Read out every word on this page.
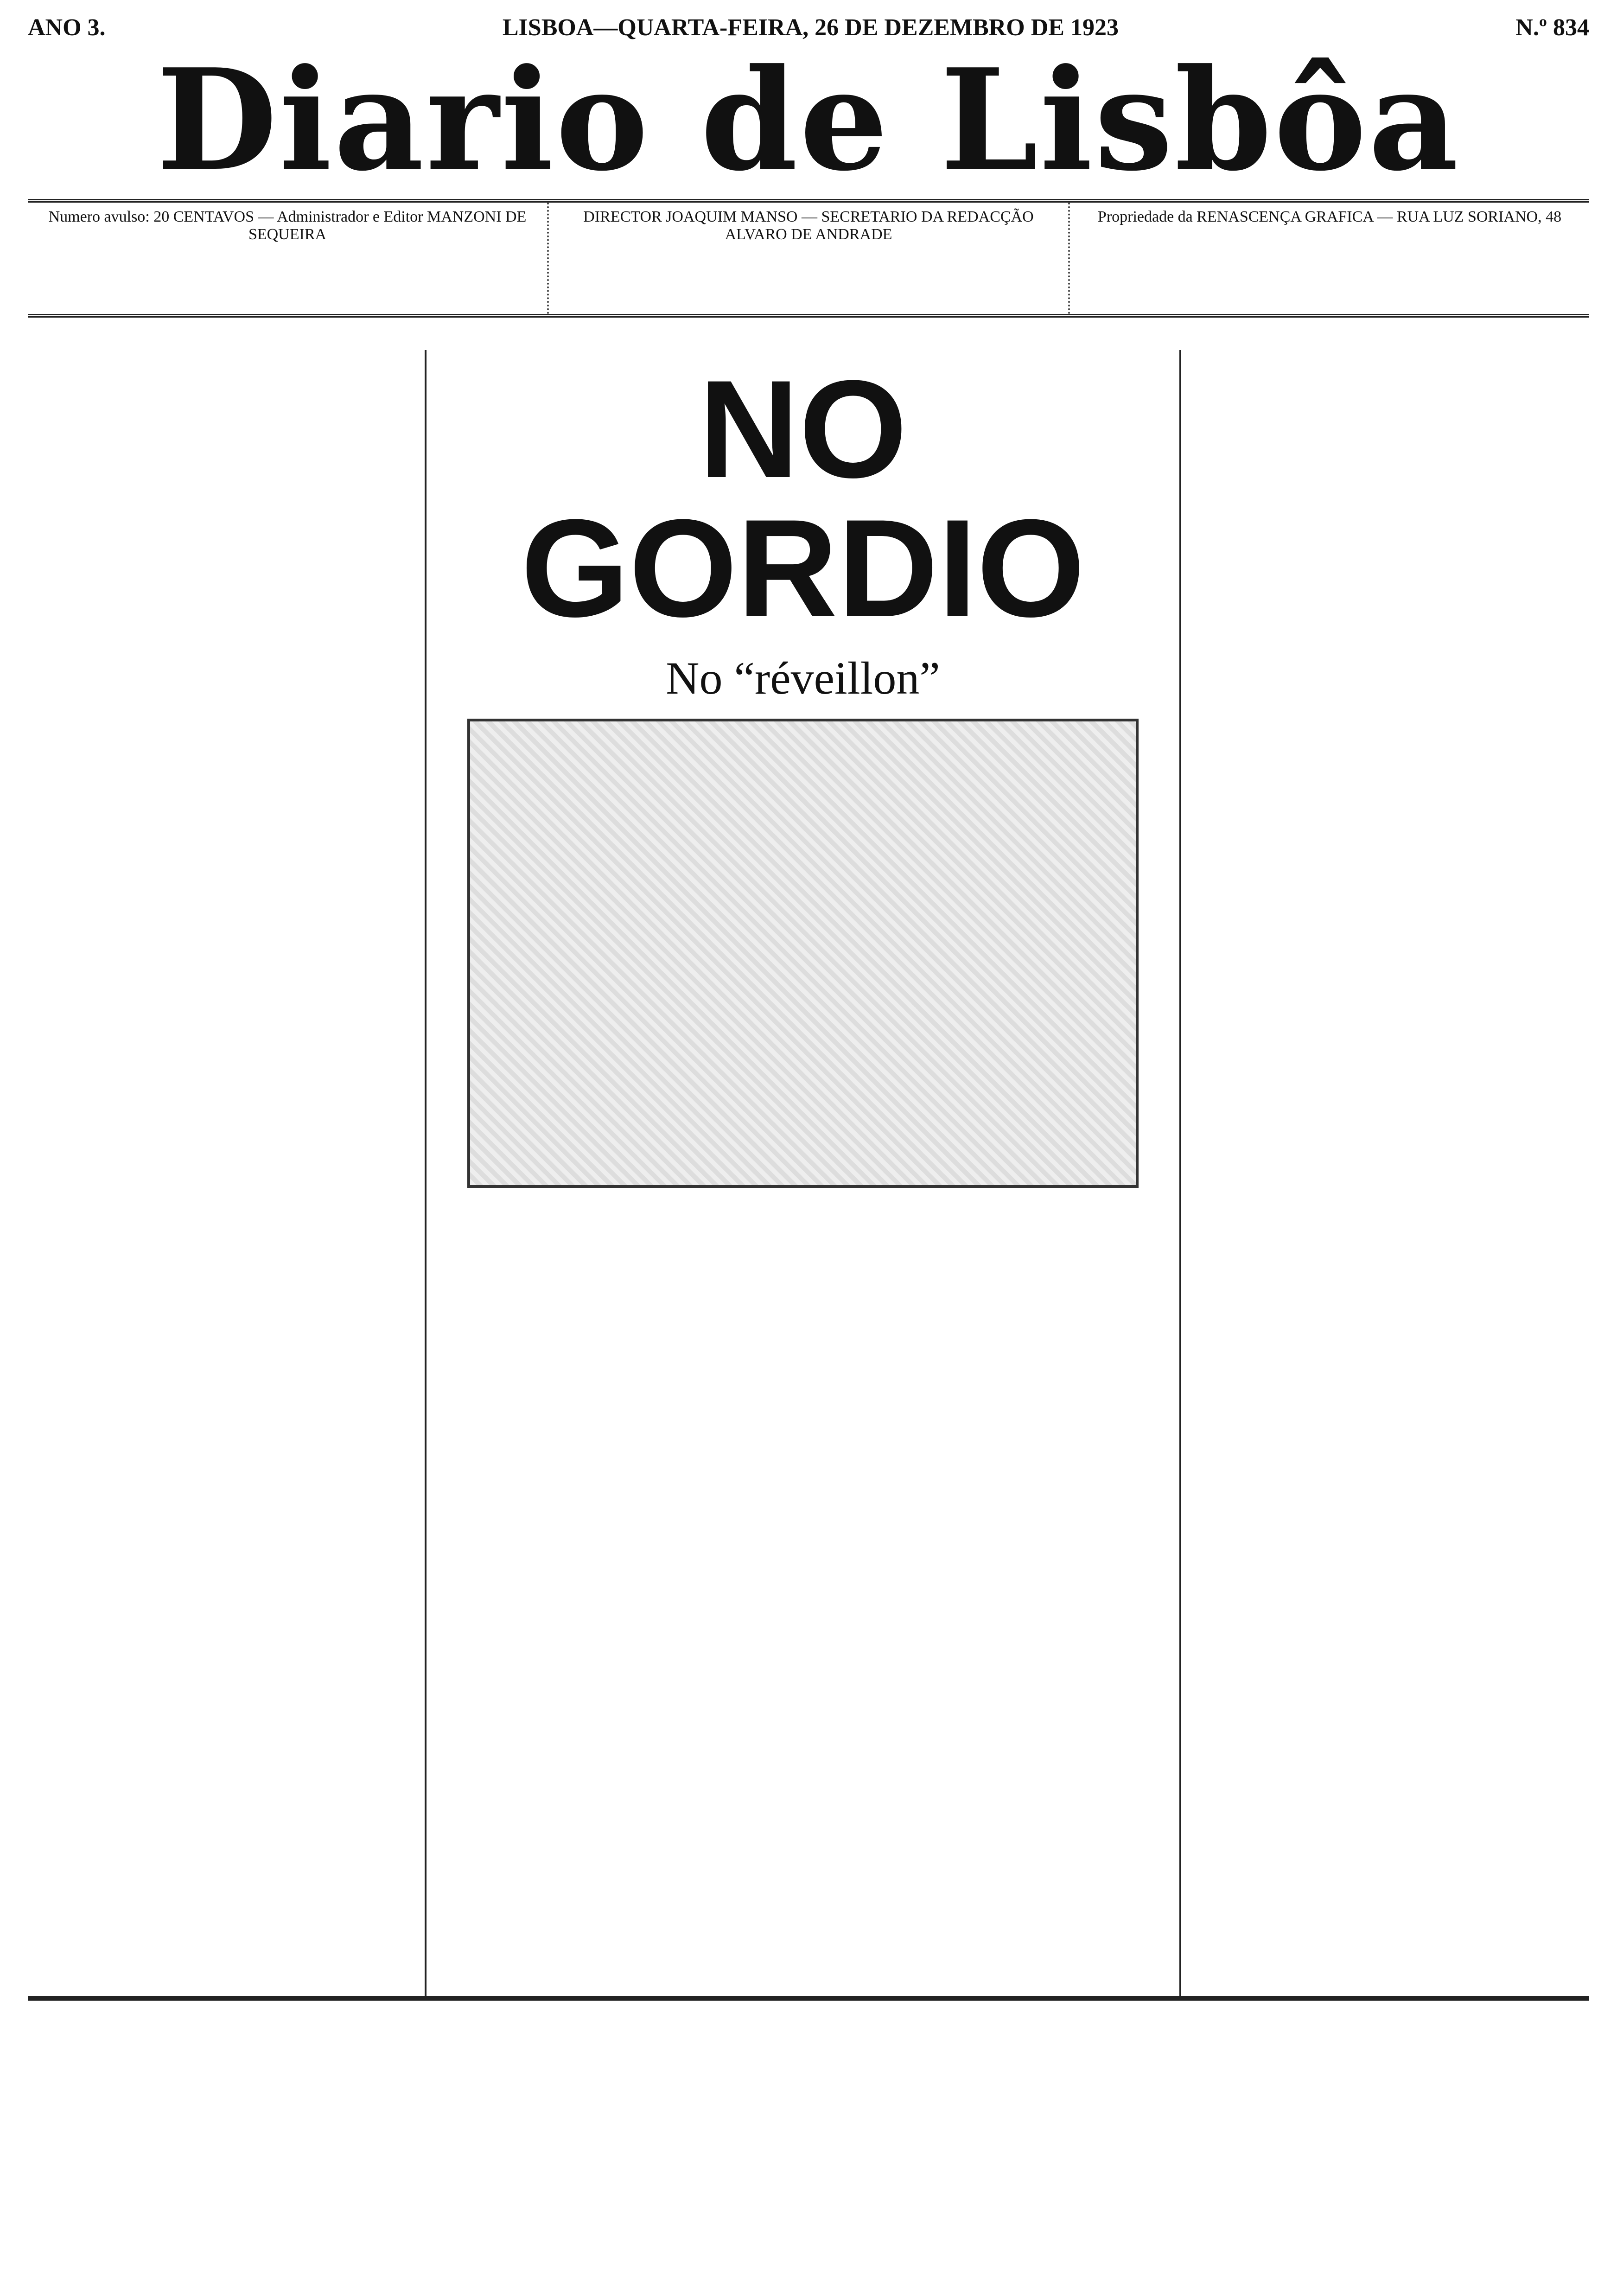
ANO 3.	LISBOA—QUARTA-FEIRA, 26 DE DEZEMBRO DE 1923	N.º 834
Diario de Lisbôa
Numero avulso: 20 CENTAVOS — Administrador e Editor MANZONI DE SEQUEIRA
DIRECTOR JOAQUIM MANSO — SECRETARIO DA REDACÇÃO ALVARO DE ANDRADE
Propriedade da RENASCENÇA GRAFICA — RUA LUZ SORIANO, 48
NO GORDIO
No “réveillon”
